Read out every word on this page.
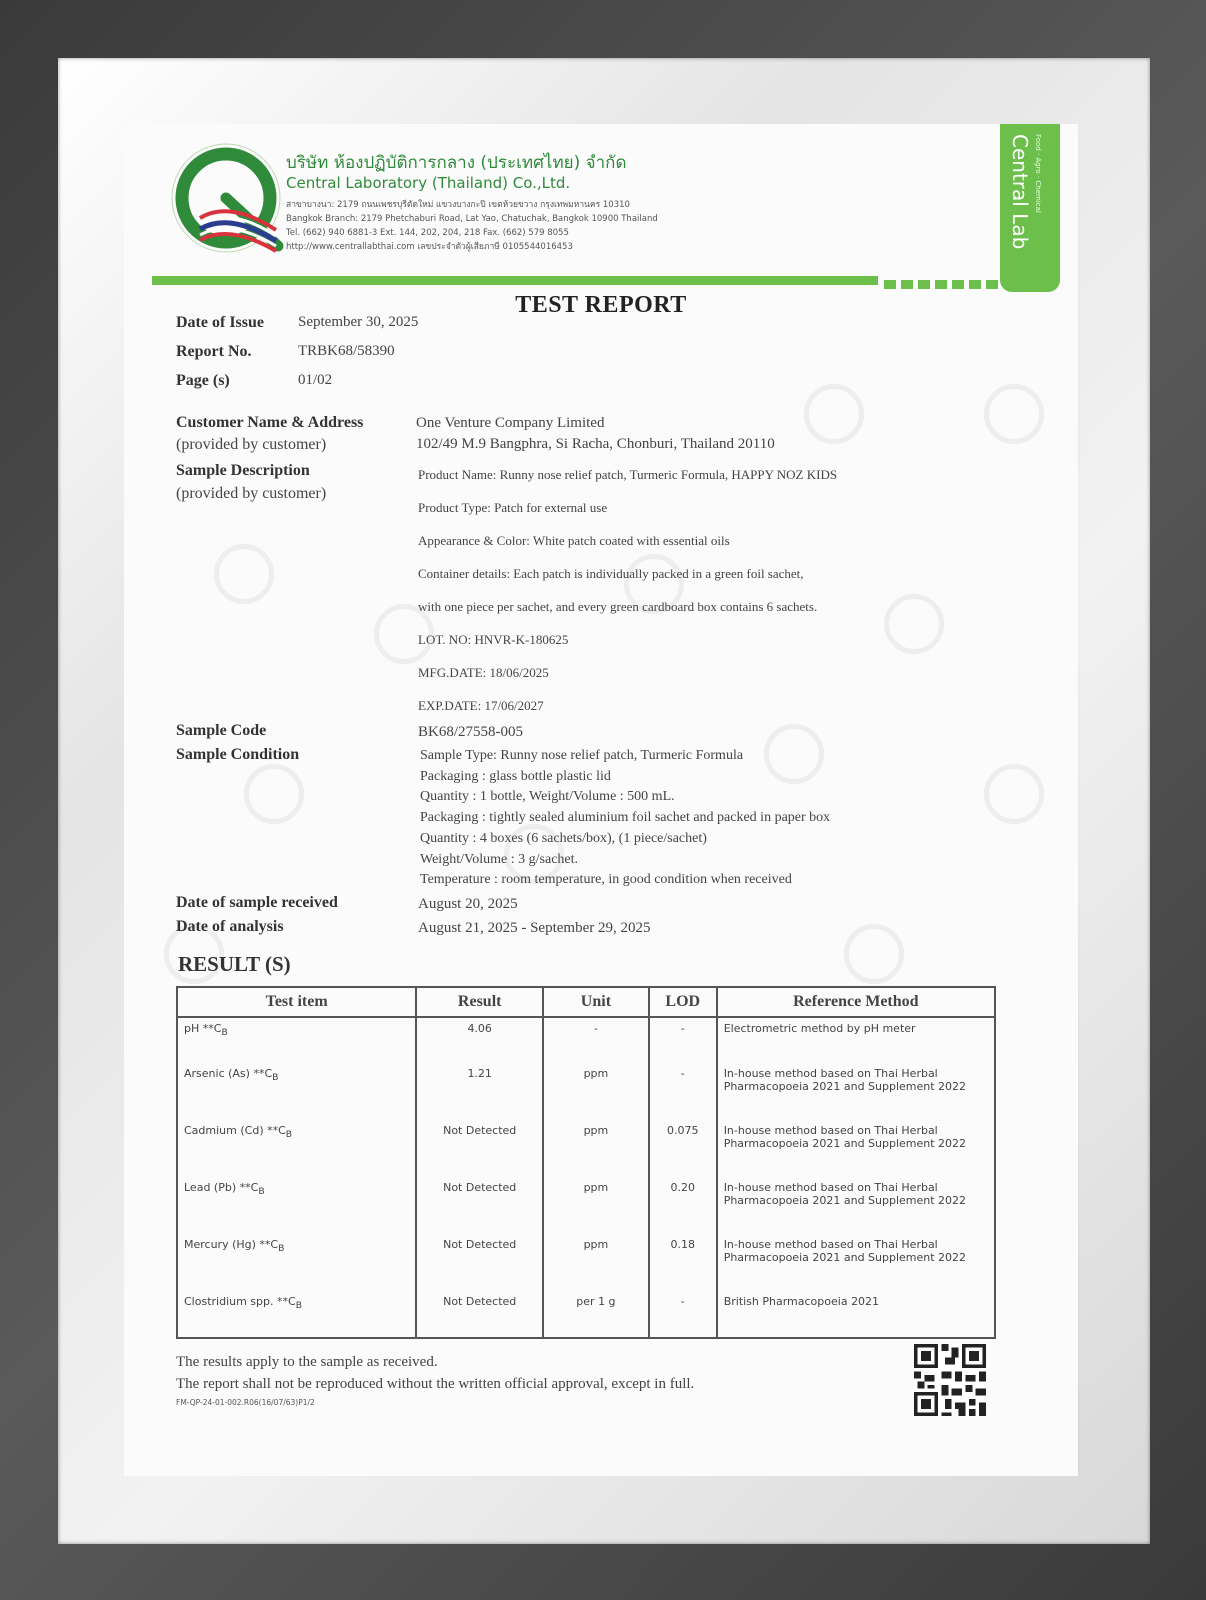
บริษัท ห้องปฏิบัติการกลาง (ประเทศไทย) จำกัด
Central Laboratory (Thailand) Co.,Ltd.
สาขาบางนา: 2179 ถนนเพชรบุรีตัดใหม่ แขวงบางกะปิ เขตห้วยขวาง กรุงเทพมหานคร 10310
Bangkok Branch: 2179 Phetchaburi Road, Lat Yao, Chatuchak, Bangkok 10900 Thailand
Tel. (662) 940 6881-3 Ext. 144, 202, 204, 218 Fax. (662) 579 8055
http://www.centrallabthai.com เลขประจำตัวผู้เสียภาษี 0105544016453	Central Lab Food · Agro · Chemical
TEST REPORT
Date of Issue September 30, 2025
Report No.	TRBK68/58390
Page (s)	01/02
Customer Name & Address
(provided by customer)
One Venture Company Limited
102/49 M.9 Bangphra, Si Racha, Chonburi, Thailand 20110
Sample Description
(provided by customer)
Product Name: Runny nose relief patch, Turmeric Formula, HAPPY NOZ KIDS
Product Type: Patch for external use
Appearance & Color: White patch coated with essential oils
Container details: Each patch is individually packed in a green foil sachet,
with one piece per sachet, and every green cardboard box contains 6 sachets.
LOT. NO: HNVR-K-180625
MFG.DATE: 18/06/2025
EXP.DATE: 17/06/2027
Sample Code	BK68/27558-005
Sample Condition	Sample Type: Runny nose relief patch, Turmeric Formula
Packaging : glass bottle plastic lid
Quantity : 1 bottle, Weight/Volume : 500 mL.
Packaging : tightly sealed aluminium foil sachet and packed in paper box
Quantity : 4 boxes (6 sachets/box), (1 piece/sachet)
Weight/Volume : 3 g/sachet.
Temperature : room temperature, in good condition when received
Date of sample received	August 20, 2025
Date of analysis	August 21, 2025 - September 29, 2025
RESULT (S)
Test item	Result	Unit	LOD	Reference Method
pH $**C_B$	4.06	-	-	Electrometric method by pH meter
Arsenic (As) $**C_B$	1.21	ppm	-	In-house method based on Thai Herbal Pharmacopoeia 2021 and Supplement 2022
Cadmium (Cd) $**C_B$	Not Detected	ppm	0.075	In-house method based on Thai Herbal Pharmacopoeia 2021 and Supplement 2022
Lead (Pb) $**C_B$	Not Detected	ppm	0.20	In-house method based on Thai Herbal Pharmacopoeia 2021 and Supplement 2022
Mercury (Hg) $**C_B$	Not Detected	ppm	0.18	In-house method based on Thai Herbal Pharmacopoeia 2021 and Supplement 2022
Clostridium spp. $**C_B$	Not Detected	per 1 g	-	British Pharmacopoeia 2021
The results apply to the sample as received.
The report shall not be reproduced without the written official approval, except in full.
FM-QP-24-01-002.R06(16/07/63)P1/2
